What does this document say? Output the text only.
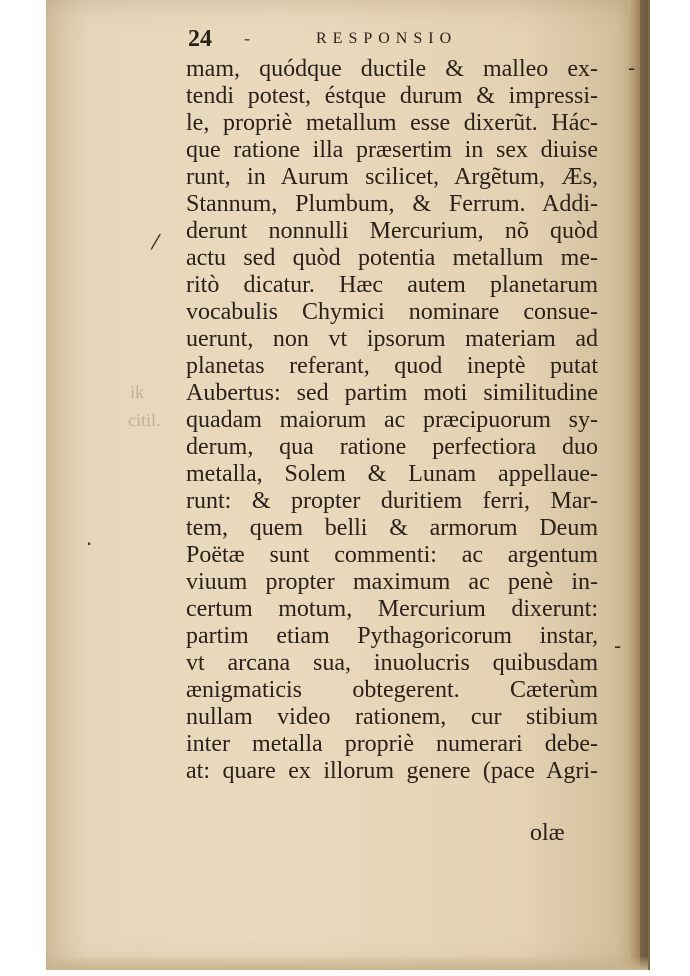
ik
citil.
⁄
·
-
-
24 -	RESPONSIO
mam, quódque ductile & malleo ex-
tendi potest, éstque durum & impressi-
le, propriè metallum esse dixerũt. Hác-
que ratione illa præsertim in sex diuise
runt, in Aurum scilicet, Argẽtum, Æs,
Stannum, Plumbum, & Ferrum. Addi-
derunt nonnulli Mercurium, nõ quòd
actu sed quòd potentia metallum me-
ritò dicatur. Hæc autem planetarum
vocabulis Chymici nominare consue-
uerunt, non vt ipsorum materiam ad
planetas referant, quod ineptè putat
Aubertus: sed partim moti similitudine
quadam maiorum ac præcipuorum sy-
derum, qua ratione perfectiora duo
metalla, Solem & Lunam appellaue-
runt: & propter duritiem ferri, Mar-
tem, quem belli & armorum Deum
Poëtæ sunt commenti: ac argentum
viuum propter maximum ac penè in-
certum motum, Mercurium dixerunt:
partim etiam Pythagoricorum instar,
vt arcana sua, inuolucris quibusdam
ænigmaticis obtegerent. Cæterùm
nullam video rationem, cur stibium
inter metalla propriè numerari debe-
at: quare ex illorum genere (pace Agri-
olæ
